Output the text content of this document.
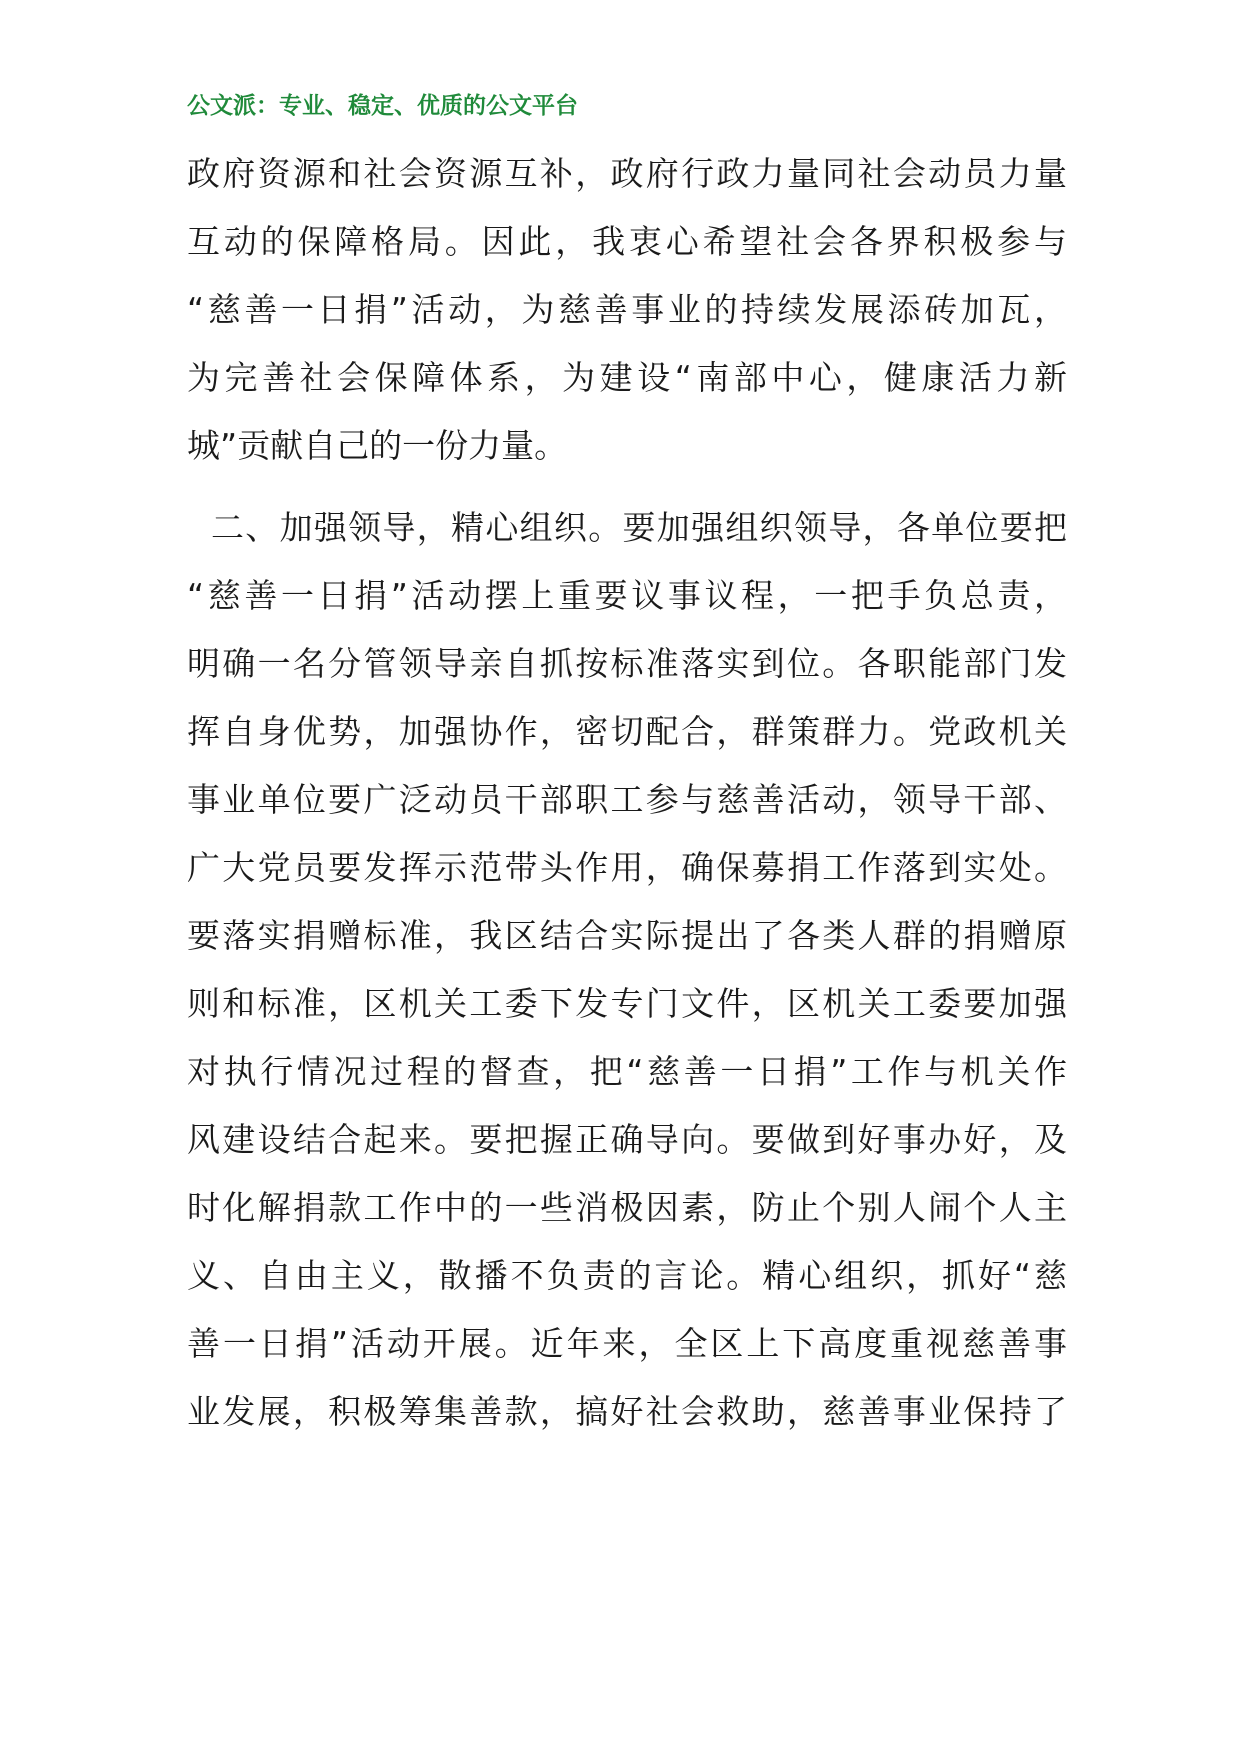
公文派：专业、稳定、优质的公文平台
政府资源和社会资源互补，政府行政力量同社会动员力量
互动的保障格局。因此，我衷心希望社会各界积极参与
“慈善一日捐”活动，为慈善事业的持续发展添砖加瓦，
为完善社会保障体系，为建设“南部中心，健康活力新
城”贡献自己的一份力量。
二、加强领导，精心组织。要加强组织领导，各单位要把
“慈善一日捐”活动摆上重要议事议程，一把手负总责，
明确一名分管领导亲自抓按标准落实到位。各职能部门发
挥自身优势，加强协作，密切配合，群策群力。党政机关
事业单位要广泛动员干部职工参与慈善活动，领导干部、
广大党员要发挥示范带头作用，确保募捐工作落到实处。
要落实捐赠标准，我区结合实际提出了各类人群的捐赠原
则和标准，区机关工委下发专门文件，区机关工委要加强
对执行情况过程的督查，把“慈善一日捐”工作与机关作
风建设结合起来。要把握正确导向。要做到好事办好，及
时化解捐款工作中的一些消极因素，防止个别人闹个人主
义、自由主义，散播不负责的言论。精心组织，抓好“慈
善一日捐”活动开展。近年来，全区上下高度重视慈善事
业发展，积极筹集善款，搞好社会救助，慈善事业保持了
